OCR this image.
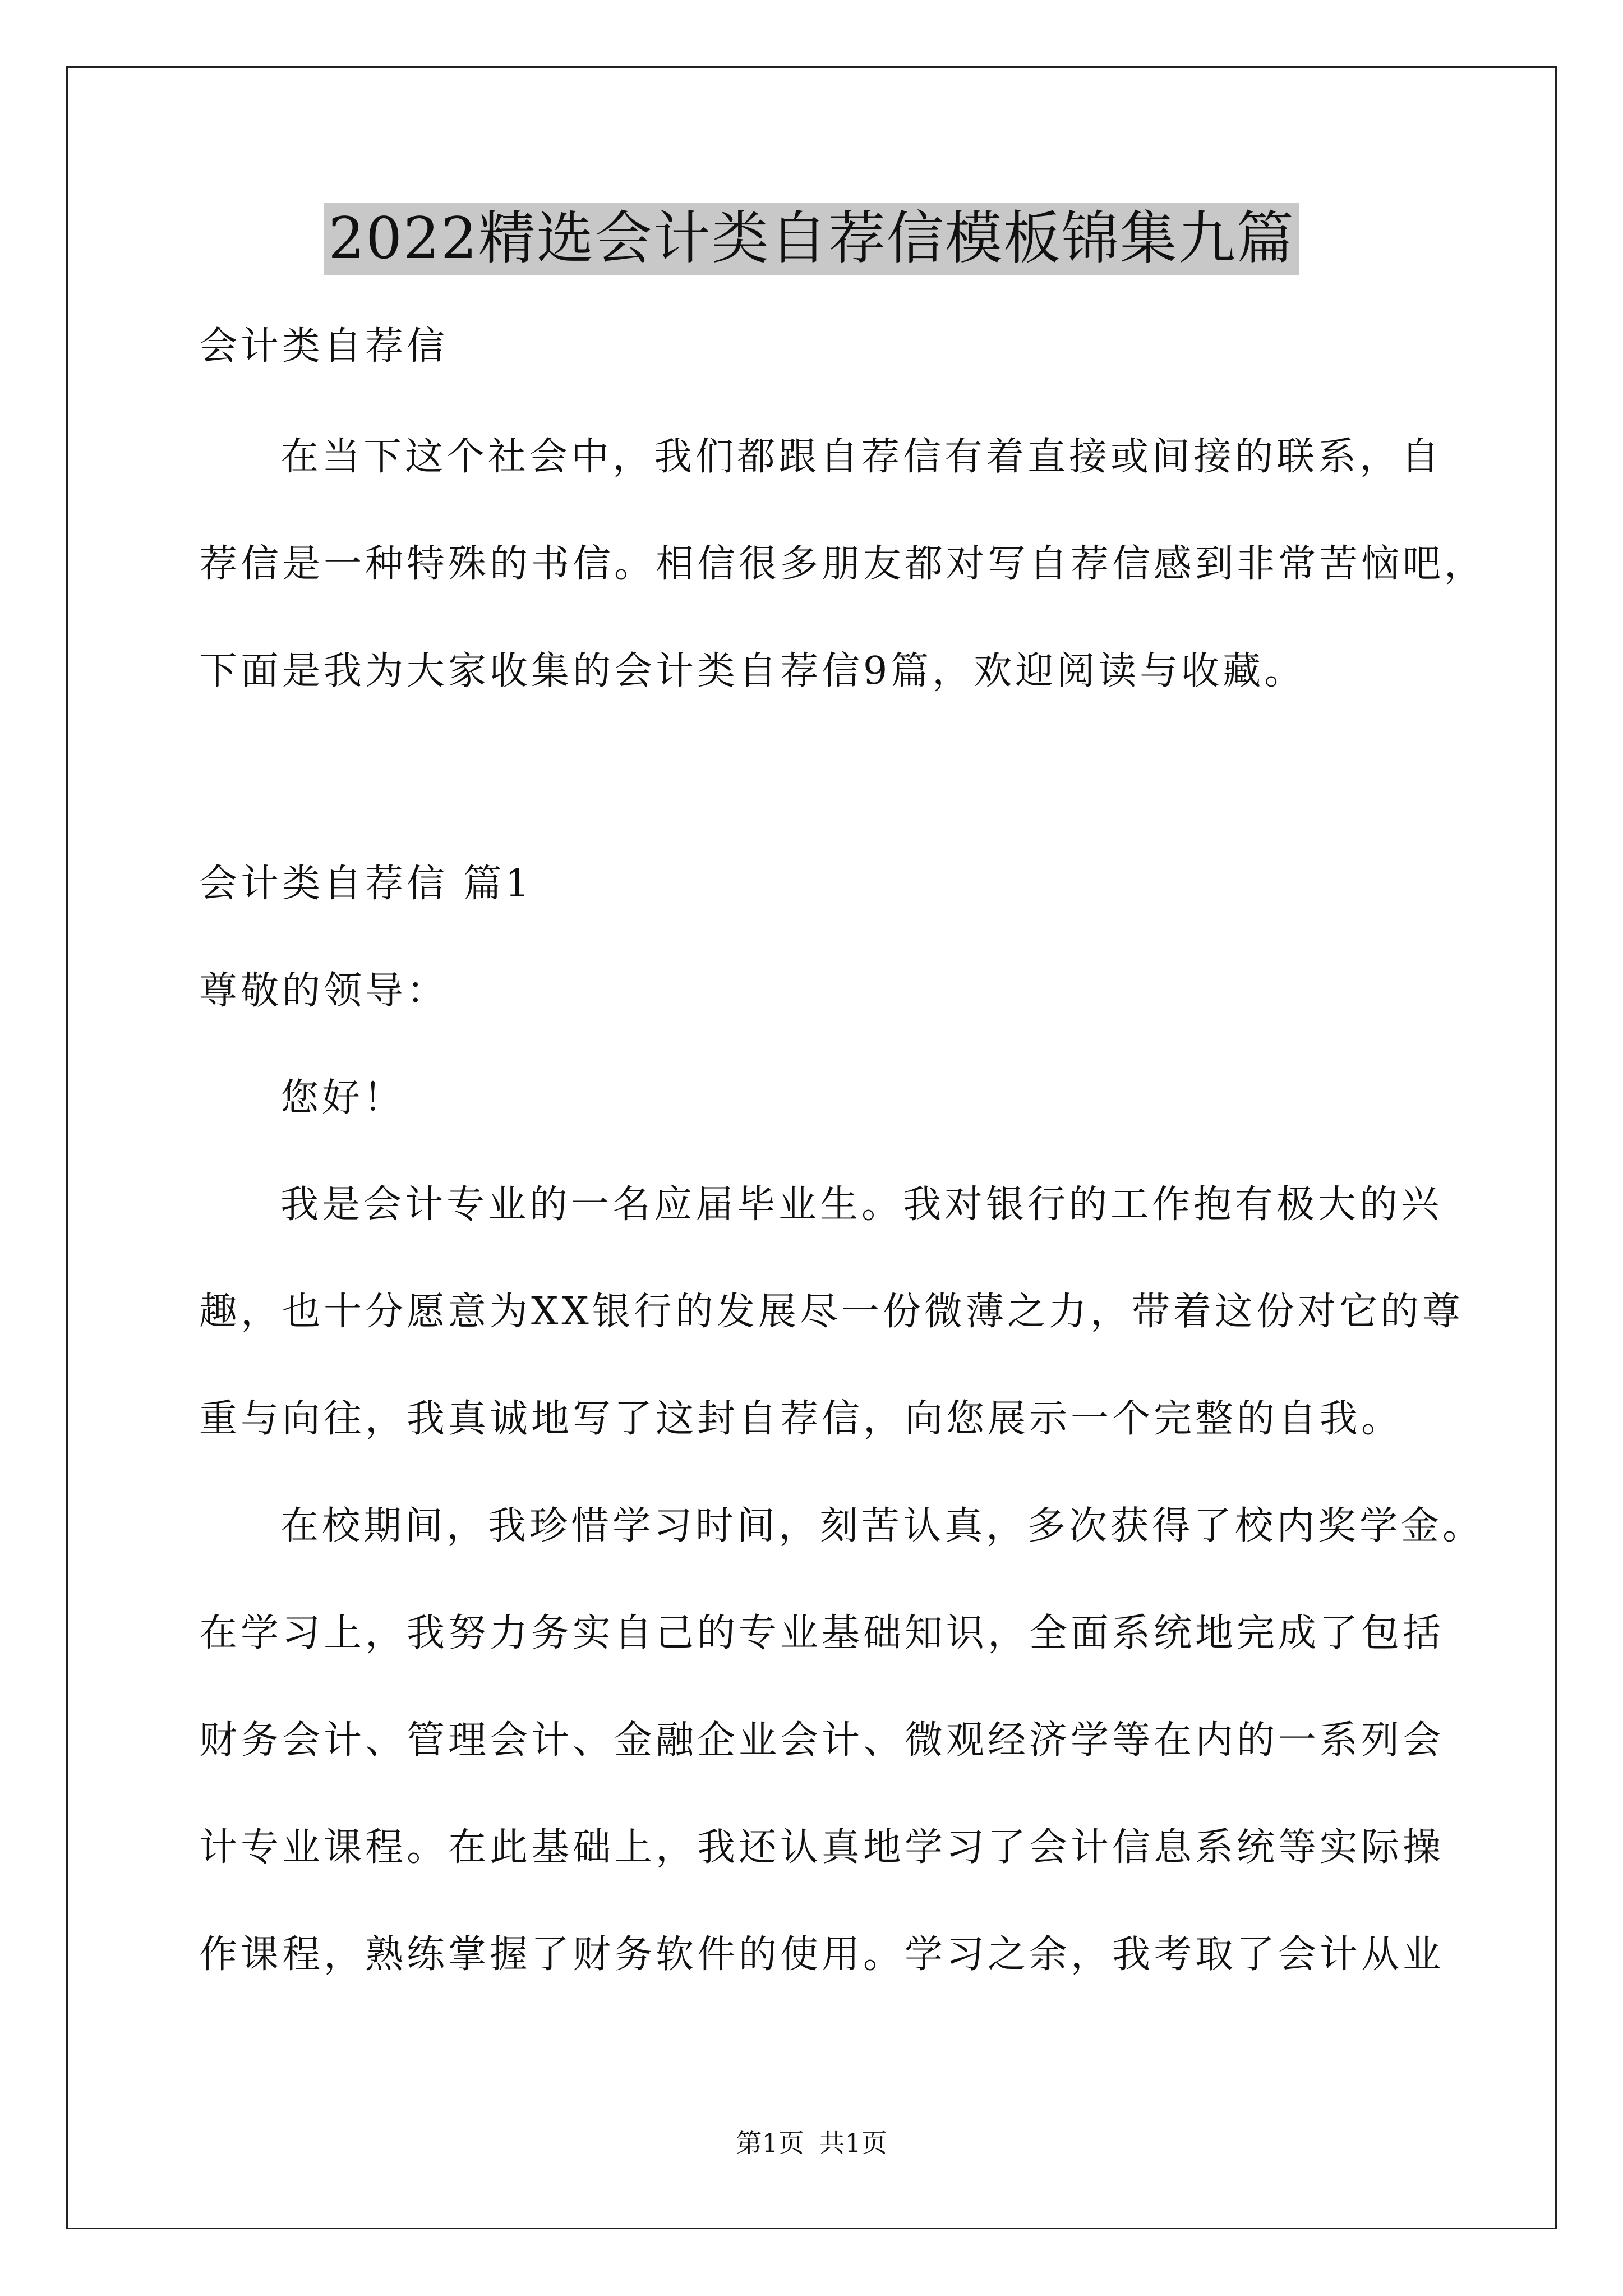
2022精选会计类自荐信模板锦集九篇
会计类自荐信
在当下这个社会中，我们都跟自荐信有着直接或间接的联系，自
荐信是一种特殊的书信。相信很多朋友都对写自荐信感到非常苦恼吧，
下面是我为大家收集的会计类自荐信9篇，欢迎阅读与收藏。
会计类自荐信 篇1
尊敬的领导：
您好！
我是会计专业的一名应届毕业生。我对银行的工作抱有极大的兴
趣，也十分愿意为XX银行的发展尽一份微薄之力，带着这份对它的尊
重与向往，我真诚地写了这封自荐信，向您展示一个完整的自我。
在校期间，我珍惜学习时间，刻苦认真，多次获得了校内奖学金。
在学习上，我努力务实自己的专业基础知识，全面系统地完成了包括
财务会计、管理会计、金融企业会计、微观经济学等在内的一系列会
计专业课程。在此基础上，我还认真地学习了会计信息系统等实际操
作课程，熟练掌握了财务软件的使用。学习之余，我考取了会计从业
第1页 共1页
